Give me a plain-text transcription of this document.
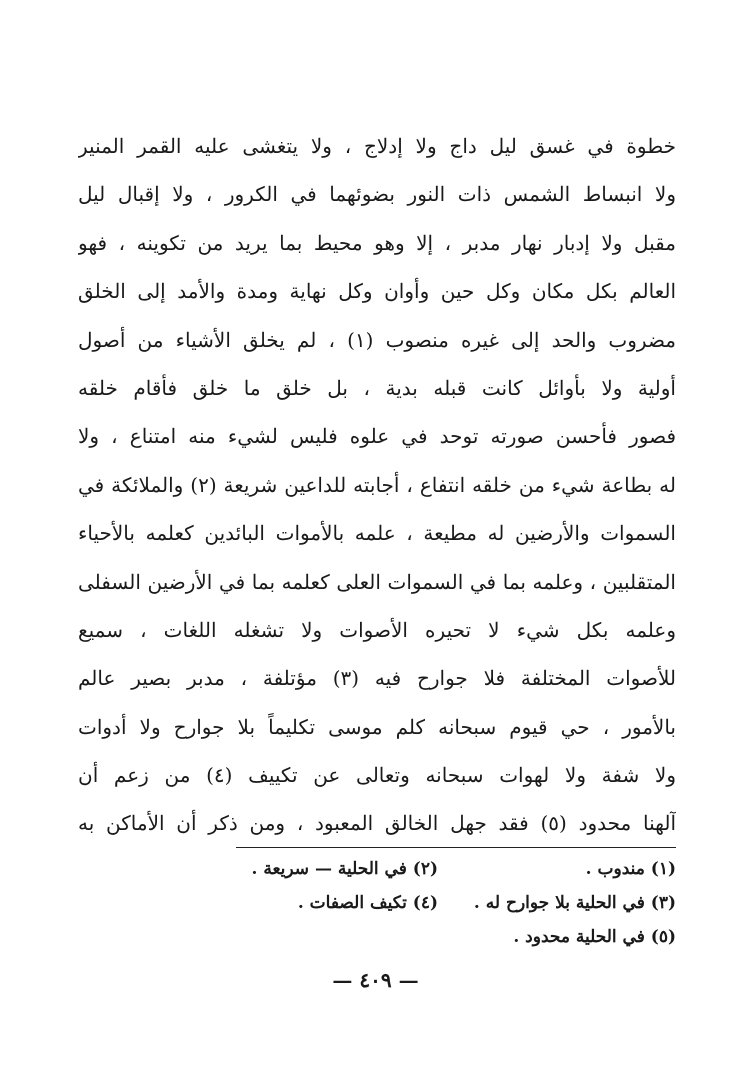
خطوة في غسق ليل داج ولا إدلاج ، ولا يتغشى عليه القمر المنير
ولا انبساط الشمس ذات النور بضوئهما في الكرور ، ولا إقبال ليل
مقبل ولا إدبار نهار مدبر ، إلا وهو محيط بما يريد من تكوينه ، فهو
العالم بكل مكان وكل حين وأوان وكل نهاية ومدة والأمد إلى الخلق
مضروب والحد إلى غيره منصوب (١) ، لم يخلق الأشياء من أصول
أولية ولا بأوائل كانت قبله بدية ، بل خلق ما خلق فأقام خلقه
فصور فأحسن صورته توحد في علوه فليس لشيء منه امتناع ، ولا
له بطاعة شيء من خلقه انتفاع ، أجابته للداعين شريعة (٢) والملائكة في
السموات والأرضين له مطيعة ، علمه بالأموات البائدين كعلمه بالأحياء
المتقلبين ، وعلمه بما في السموات العلى كعلمه بما في الأرضين السفلى
وعلمه بكل شيء لا تحيره الأصوات ولا تشغله اللغات ، سميع
للأصوات المختلفة فلا جوارح فيه (٣) مؤتلفة ، مدبر بصير عالم
بالأمور ، حي قيوم سبحانه كلم موسى تكليماً بلا جوارح ولا أدوات
ولا شفة ولا لهوات سبحانه وتعالى عن تكييف (٤) من زعم أن
آلهنا محدود (٥) فقد جهل الخالق المعبود ، ومن ذكر أن الأماكن به
(١) مندوب .
(٢) في الحلية — سريعة .
(٣) في الحلية بلا جوارح له .
(٤) تكيف الصفات .
(٥) في الحلية محدود .
— ٤٠٩ —
